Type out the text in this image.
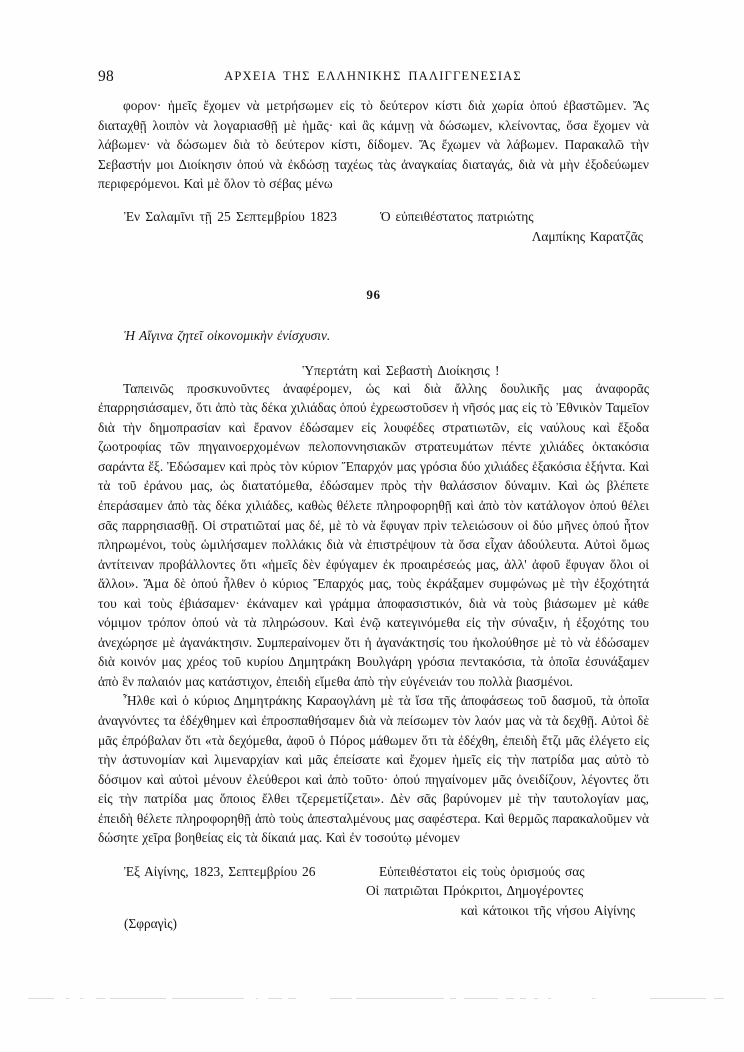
98	ΑΡΧΕΙΑ ΤΗΣ ΕΛΛΗΝΙΚΗΣ ΠΑΛΙΓΓΕΝΕΣΙΑΣ

φορον· ἡμεῖς ἔχομεν νὰ μετρήσωμεν εἰς τὸ δεύτερον κίστι διὰ χωρία ὁπού ἐβαστῶμεν. Ἄς διαταχθῇ λοιπὸν νὰ λογαριασθῇ μὲ ἡμᾶς· καὶ ἂς κάμνῃ νὰ δώσωμεν, κλείνοντας, ὅσα ἔχομεν νὰ λάβωμεν· νὰ δώσωμεν διὰ τὸ δεύτερον κίστι, δίδομεν. Ἄς ἔχωμεν νὰ λάβωμεν. Παρακαλῶ τὴν Σεβαστήν μοι Διοίκησιν ὁπού νὰ ἐκδώσῃ ταχέως τὰς ἀναγκαίας διαταγάς, διὰ νὰ μὴν ἐξοδεύωμεν περιφερόμενοι. Καὶ μὲ ὅλον τὸ σέβας μένω

Ἐν Σαλαμῖνι τῇ 25 Σεπτεμβρίου 1823	Ὁ εὐπειθέστατος πατριώτης
Λαμπίκης Καρατζᾶς
96
Ἡ Αἴγινα ζητεῖ οἰκονομικὴν ἐνίσχυσιν.
Ὑπερτάτη καὶ Σεβαστὴ Διοίκησις !

Ταπεινῶς προσκυνοῦντες ἀναφέρομεν, ὡς καὶ διὰ ἄλλης δουλικῆς μας ἀναφορᾶς ἐπαρρησιάσαμεν, ὅτι ἀπὸ τὰς δέκα χιλιάδας ὁπού ἐχρεωστοῦσεν ἡ νῆσός μας εἰς τὸ Ἐθνικὸν Ταμεῖον διὰ τὴν δημοπρασίαν καὶ ἔρανον ἐδώσαμεν εἰς λουφέδες στρατιωτῶν, εἰς ναύλους καὶ ἔξοδα ζωοτροφίας τῶν πηγαινοερχομένων πελοποννησιακῶν στρατευμάτων πέντε χιλιάδες ὀκτακόσια σαράντα ἕξ. Ἐδώσαμεν καὶ πρὸς τὸν κύριον Ἔπαρχόν μας γρόσια δύο χιλιάδες ἑξακόσια ἑξήντα. Καὶ τὰ τοῦ ἐράνου μας, ὡς διατατόμεθα, ἐδώσαμεν πρὸς τὴν θαλάσσιον δύναμιν. Καὶ ὡς βλέπετε ἐπεράσαμεν ἀπὸ τὰς δέκα χιλιάδες, καθὼς θέλετε πληροφορηθῇ καὶ ἀπὸ τὸν κατάλογον ὁπού θέλει σᾶς παρρησιασθῇ. Οἱ στρατιῶταί μας δέ, μὲ τὸ νὰ ἔφυγαν πρὶν τελειώσουν οἱ δύο μῆνες ὁπού ἦτον πληρωμένοι, τοὺς ὡμιλήσαμεν πολλάκις διὰ νὰ ἐπιστρέψουν τὰ ὅσα εἶχαν ἀδούλευτα. Αὐτοὶ ὅμως ἀντίτειναν προβάλλοντες ὅτι «ἡμεῖς δὲν ἐφύγαμεν ἐκ προαιρέσεώς μας, ἀλλ' ἀφοῦ ἔφυγαν ὅλοι οἱ ἄλλοι». Ἅμα δὲ ὁπού ἦλθεν ὁ κύριος Ἔπαρχός μας, τοὺς ἐκράξαμεν συμφώνως μὲ τὴν ἐξοχότητά του καὶ τοὺς ἐβιάσαμεν· ἐκάναμεν καὶ γράμμα ἀποφασιστικόν, διὰ νὰ τοὺς βιάσωμεν μὲ κάθε νόμιμον τρόπον ὁπού νὰ τὰ πληρώσουν. Καὶ ἐνῷ κατεγινόμεθα εἰς τὴν σύναξιν, ἡ ἐξοχότης του ἀνεχώρησε μὲ ἀγανάκτησιν. Συμπεραίνομεν ὅτι ἡ ἀγανάκτησίς του ἠκολούθησε μὲ τὸ νὰ ἐδώσαμεν διὰ κοινόν μας χρέος τοῦ κυρίου Δημητράκη Βουλγάρη γρόσια πεντακόσια, τὰ ὁποῖα ἐσυνάξαμεν ἀπὸ ἓν παλαιόν μας κατάστιχον, ἐπειδὴ εἴμεθα ἀπὸ τὴν εὐγένειάν του πολλὰ βιασμένοι.

Ἦλθε καὶ ὁ κύριος Δημητράκης Καραογλάνη μὲ τὰ ἴσα τῆς ἀποφάσεως τοῦ δασμοῦ, τὰ ὁποῖα ἀναγνόντες τα ἐδέχθημεν καὶ ἐπροσπαθήσαμεν διὰ νὰ πείσωμεν τὸν λαόν μας νὰ τὰ δεχθῇ. Αὐτοὶ δὲ μᾶς ἐπρόβαλαν ὅτι «τὰ δεχόμεθα, ἀφοῦ ὁ Πόρος μάθωμεν ὅτι τὰ ἐδέχθη, ἐπειδὴ ἔτζι μᾶς ἐλέγετο εἰς τὴν ἀστυνομίαν καὶ λιμεναρχίαν καὶ μᾶς ἐπείσατε καὶ ἔχομεν ἡμεῖς εἰς τὴν πατρίδα μας αὐτὸ τὸ δόσιμον καὶ αὐτοὶ μένουν ἐλεύθεροι καὶ ἀπὸ τοῦτο· ὁπού πηγαίνομεν μᾶς ὀνειδίζουν, λέγοντες ὅτι εἰς τὴν πατρίδα μας ὅποιος ἔλθει τζερεμετίζεται». Δὲν σᾶς βαρύνομεν μὲ τὴν ταυτολογίαν μας, ἐπειδὴ θέλετε πληροφορηθῇ ἀπὸ τοὺς ἀπεσταλμένους μας σαφέστερα. Καὶ θερμῶς παρακαλοῦμεν νὰ δώσητε χεῖρα βοηθείας εἰς τὰ δίκαιά μας. Καὶ ἐν τοσούτῳ μένομεν

Ἐξ Αἰγίνης, 1823, Σεπτεμβρίου 26
(Σφραγὶς)
Εὐπειθέστατοι εἰς τοὺς ὁρισμούς σας
Οἱ πατριῶται Πρόκριτοι, Δημογέροντες
καὶ κάτοικοι τῆς νήσου Αἰγίνης
